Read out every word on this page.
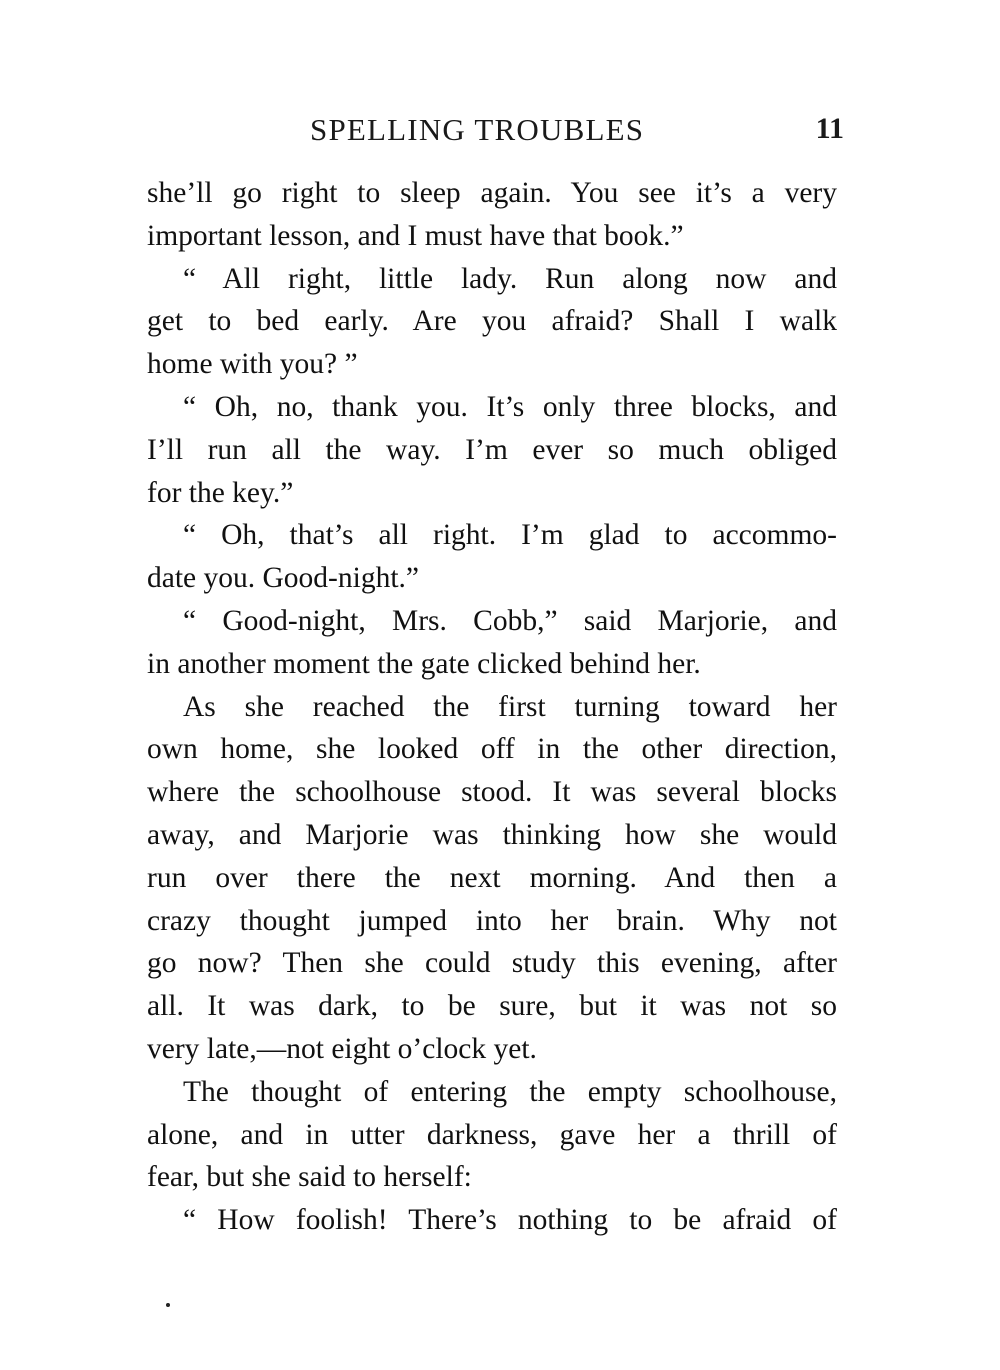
SPELLING TROUBLES	11
she’ll go right to sleep again. You see it’s a very
important lesson, and I must have that book.”
“ All right, little lady. Run along now and
get to bed early. Are you afraid? Shall I walk
home with you? ”
“ Oh, no, thank you. It’s only three blocks, and
I’ll run all the way. I’m ever so much obliged
for the key.”
“ Oh, that’s all right. I’m glad to accommo-
date you. Good-night.”
“ Good-night, Mrs. Cobb,” said Marjorie, and
in another moment the gate clicked behind her.
As she reached the first turning toward her
own home, she looked off in the other direction,
where the schoolhouse stood. It was several blocks
away, and Marjorie was thinking how she would
run over there the next morning. And then a
crazy thought jumped into her brain. Why not
go now? Then she could study this evening, after
all. It was dark, to be sure, but it was not so
very late,—not eight o’clock yet.
The thought of entering the empty schoolhouse,
alone, and in utter darkness, gave her a thrill of
fear, but she said to herself:
“ How foolish! There’s nothing to be afraid of
